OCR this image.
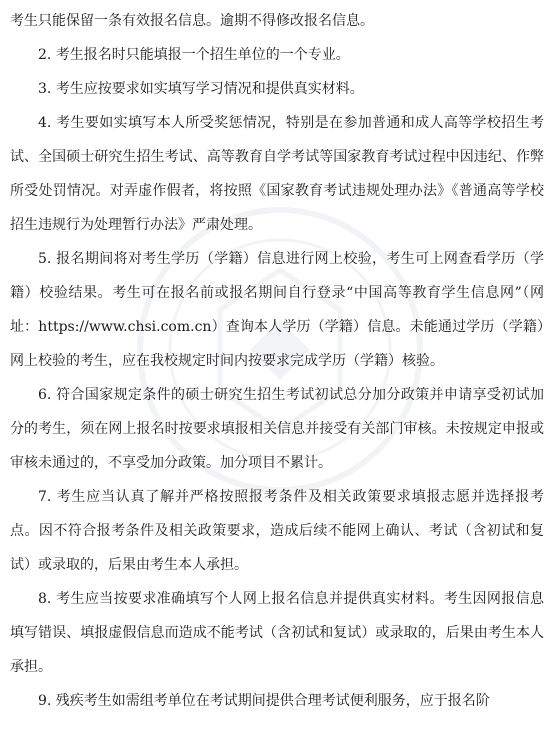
考生只能保留一条有效报名信息。逾期不得修改报名信息。

2. 考生报名时只能填报一个招生单位的一个专业。

3. 考生应按要求如实填写学习情况和提供真实材料。

4. 考生要如实填写本人所受奖惩情况，特别是在参加普通和成人高等学校招生考试、全国硕士研究生招生考试、高等教育自学考试等国家教育考试过程中因违纪、作弊所受处罚情况。对弄虚作假者，将按照《国家教育考试违规处理办法》《普通高等学校招生违规行为处理暂行办法》严肃处理。

5. 报名期间将对考生学历（学籍）信息进行网上校验，考生可上网查看学历（学籍）校验结果。考生可在报名前或报名期间自行登录“中国高等教育学生信息网”（网址：https://www.chsi.com.cn）查询本人学历（学籍）信息。未能通过学历（学籍）网上校验的考生，应在我校规定时间内按要求完成学历（学籍）核验。

6. 符合国家规定条件的硕士研究生招生考试初试总分加分政策并申请享受初试加分的考生，须在网上报名时按要求填报相关信息并接受有关部门审核。未按规定申报或审核未通过的，不享受加分政策。加分项目不累计。

7. 考生应当认真了解并严格按照报考条件及相关政策要求填报志愿并选择报考点。因不符合报考条件及相关政策要求，造成后续不能网上确认、考试（含初试和复试）或录取的，后果由考生本人承担。

8. 考生应当按要求准确填写个人网上报名信息并提供真实材料。考生因网报信息填写错误、填报虚假信息而造成不能考试（含初试和复试）或录取的，后果由考生本人承担。

9. 残疾考生如需组考单位在考试期间提供合理考试便利服务，应于报名阶
